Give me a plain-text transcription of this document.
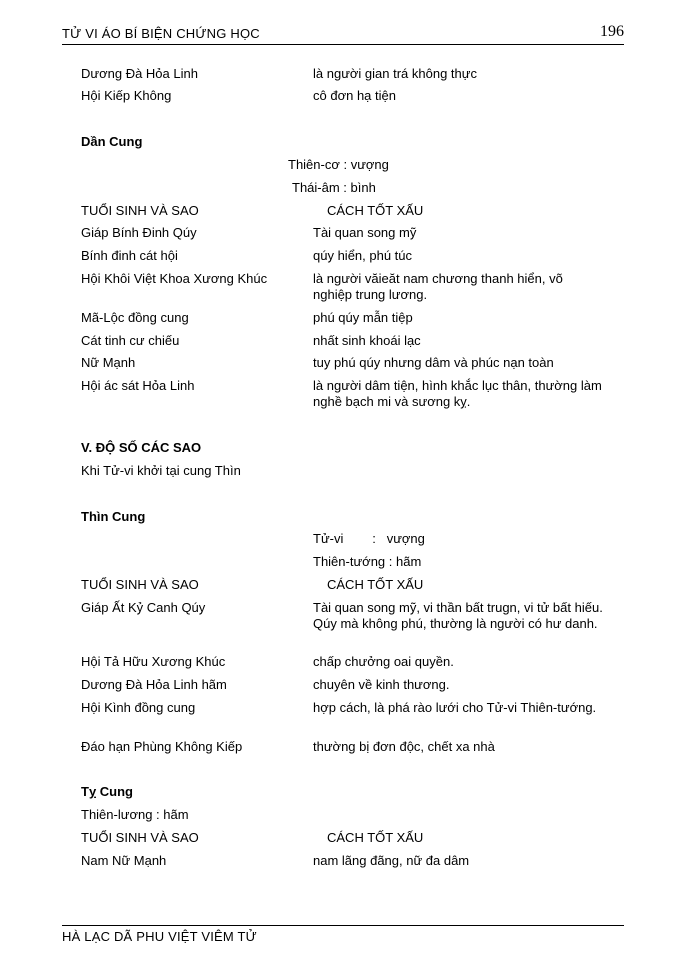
TỬ VI ÁO BÍ BIỆN CHỨNG HỌC	196
Dương Đà Hỏa Linh	là người gian trá không thực
Hội Kiếp Không	cô đơn hạ tiện
Dần Cung
Thiên-cơ : vượng
Thái-âm : bình
TUỔI SINH VÀ SAO	CÁCH TỐT XẤU
Giáp Bính Đinh Qúy	Tài quan song mỹ
Bính đinh cát hội	qúy hiển, phú túc
Hội Khôi Việt Khoa Xương Khúc	là người văieăt nam chương thanh hiển, võ nghiệp trung lương.
Mã-Lộc đồng cung	phú qúy mẫn tiệp
Cát tinh cư chiếu	nhất sinh khoái lạc
Nữ Mạnh	tuy phú qúy nhưng dâm và phúc nạn toàn
Hội ác sát Hỏa Linh	là người dâm tiện, hình khắc lục thân, thường làm nghề bạch mi và sương kỵ.
V. ĐỘ SỐ CÁC SAO
Khi Tử-vi khởi tại cung Thìn
Thìn Cung
Tử-vi        :   vượng
Thiên-tướng : hãm
TUỔI SINH VÀ SAO	CÁCH TỐT XẤU
Giáp Ất Kỷ Canh Qúy	Tài quan song mỹ, vi thần bất trugn, vi tử bất hiếu. Qúy mà không phú, thường là người có hư danh.
Hội Tả Hữu Xương Khúc	chấp chưởng oai quyền.
Dương Đà Hỏa Linh hãm	chuyên về kinh thương.
Hội Kình đồng cung	hợp cách, là phá rào lưới cho Tử-vi Thiên-tướng.
Đáo hạn Phùng Không Kiếp	thường bị đơn độc, chết xa nhà
Tỵ Cung
Thiên-lương : hãm
TUỔI SINH VÀ SAO	CÁCH TỐT XẤU
Nam Nữ Mạnh	nam lãng đãng, nữ đa dâm
HÀ LẠC DÃ PHU VIỆT VIÊM TỬ
